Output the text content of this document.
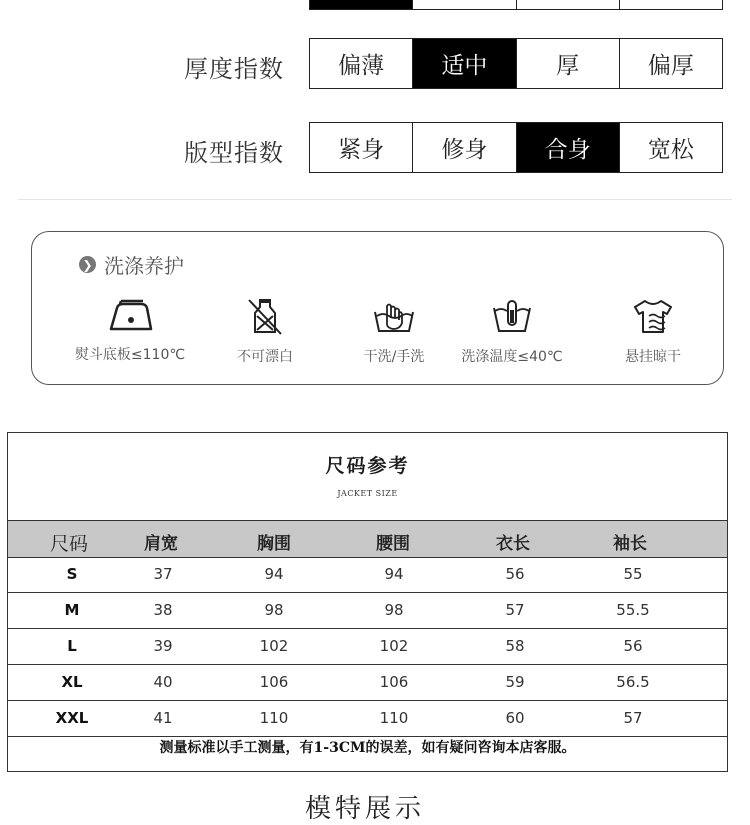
厚度指数	偏薄	适中	厚	偏厚
版型指数	紧身	修身	合身	宽松
❯ 洗涤养护
熨斗底板≤110℃	不可漂白	干洗/手洗	洗涤温度≤40℃	悬挂晾干
尺码参考
JACKET SIZE
尺码	肩宽	胸围	腰围	衣长	袖长
S	37	94	94	56	55
M	38	98	98	57	55.5
L	39	102	102	58	56
XL	40	106	106	59	56.5
XXL	41	110	110	60	57
测量标准以手工测量，有1-3CM的误差，如有疑问咨询本店客服。
模特展示
